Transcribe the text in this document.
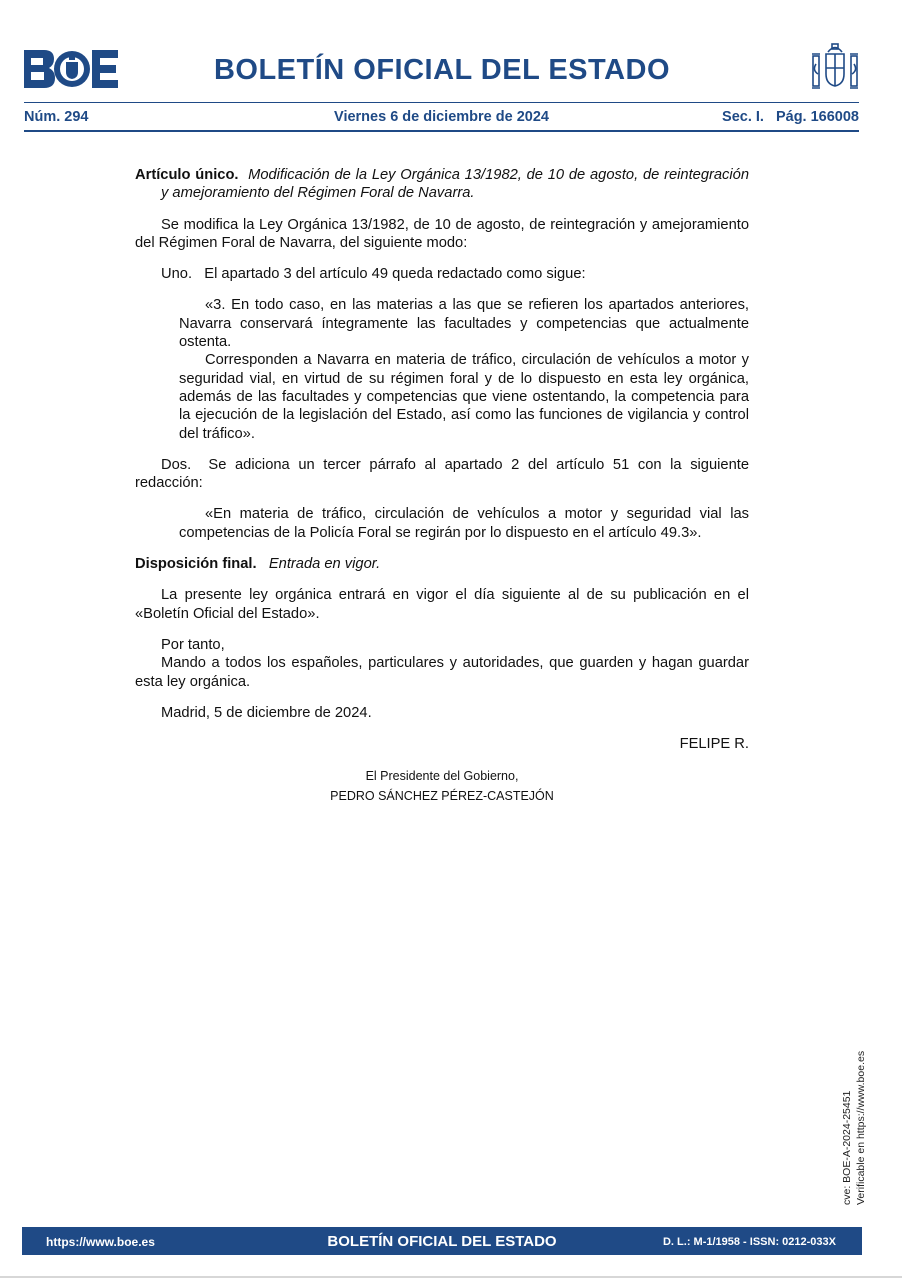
BOLETÍN OFICIAL DEL ESTADO
Núm. 294	Viernes 6 de diciembre de 2024	Sec. I. Pág. 166008

Artículo único. Modificación de la Ley Orgánica 13/1982, de 10 de agosto, de reintegración y amejoramiento del Régimen Foral de Navarra.

Se modifica la Ley Orgánica 13/1982, de 10 de agosto, de reintegración y amejoramiento del Régimen Foral de Navarra, del siguiente modo:

Uno. El apartado 3 del artículo 49 queda redactado como sigue:

«3. En todo caso, en las materias a las que se refieren los apartados anteriores, Navarra conservará íntegramente las facultades y competencias que actualmente ostenta.

Corresponden a Navarra en materia de tráfico, circulación de vehículos a motor y seguridad vial, en virtud de su régimen foral y de lo dispuesto en esta ley orgánica, además de las facultades y competencias que viene ostentando, la competencia para la ejecución de la legislación del Estado, así como las funciones de vigilancia y control del tráfico».

Dos. Se adiciona un tercer párrafo al apartado 2 del artículo 51 con la siguiente redacción:

«En materia de tráfico, circulación de vehículos a motor y seguridad vial las competencias de la Policía Foral se regirán por lo dispuesto en el artículo 49.3».

Disposición final. Entrada en vigor.

La presente ley orgánica entrará en vigor el día siguiente al de su publicación en el «Boletín Oficial del Estado».

Por tanto,

Mando a todos los españoles, particulares y autoridades, que guarden y hagan guardar esta ley orgánica.

Madrid, 5 de diciembre de 2024.

FELIPE R.

El Presidente del Gobierno,
PEDRO SÁNCHEZ PÉREZ-CASTEJÓN
cve: BOE-A-2024-25451 Verificable en https://www.boe.es
https://www.boe.es	BOLETÍN OFICIAL DEL ESTADO	D. L.: M-1/1958 - ISSN: 0212-033X
